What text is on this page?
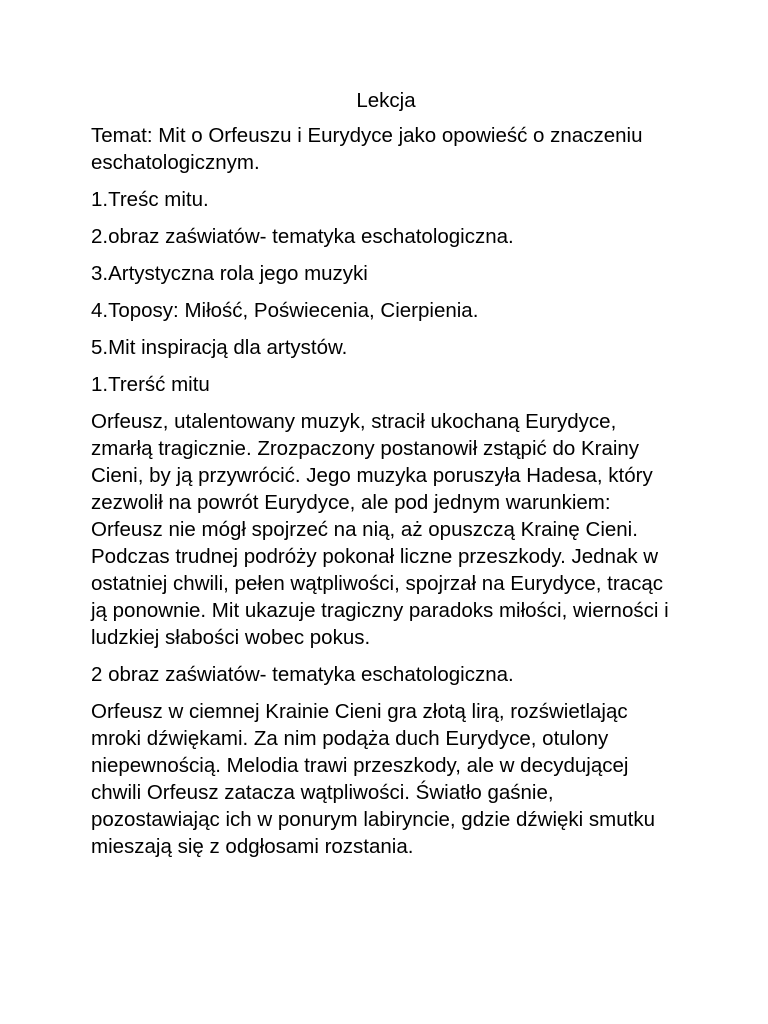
Lekcja

Temat: Mit o Orfeuszu i Eurydyce jako opowieść o znaczeniu eschatologicznym.

1.Treśc mitu.

2.obraz zaświatów- tematyka eschatologiczna.

3.Artystyczna rola jego muzyki

4.Toposy: Miłość, Poświecenia, Cierpienia.

5.Mit inspiracją dla artystów.

1.Trerść mitu

Orfeusz, utalentowany muzyk, stracił ukochaną Eurydyce, zmarłą tragicznie. Zrozpaczony postanowił zstąpić do Krainy Cieni, by ją przywrócić. Jego muzyka poruszyła Hadesa, który zezwolił na powrót Eurydyce, ale pod jednym warunkiem: Orfeusz nie mógł spojrzeć na nią, aż opuszczą Krainę Cieni. Podczas trudnej podróży pokonał liczne przeszkody. Jednak w ostatniej chwili, pełen wątpliwości, spojrzał na Eurydyce, tracąc ją ponownie. Mit ukazuje tragiczny paradoks miłości, wierności i ludzkiej słabości wobec pokus.

2 obraz zaświatów- tematyka eschatologiczna.

Orfeusz w ciemnej Krainie Cieni gra złotą lirą, rozświetlając mroki dźwiękami. Za nim podąża duch Eurydyce, otulony niepewnością. Melodia trawi przeszkody, ale w decydującej chwili Orfeusz zatacza wątpliwości. Światło gaśnie, pozostawiając ich w ponurym labiryncie, gdzie dźwięki smutku mieszają się z odgłosami rozstania.
